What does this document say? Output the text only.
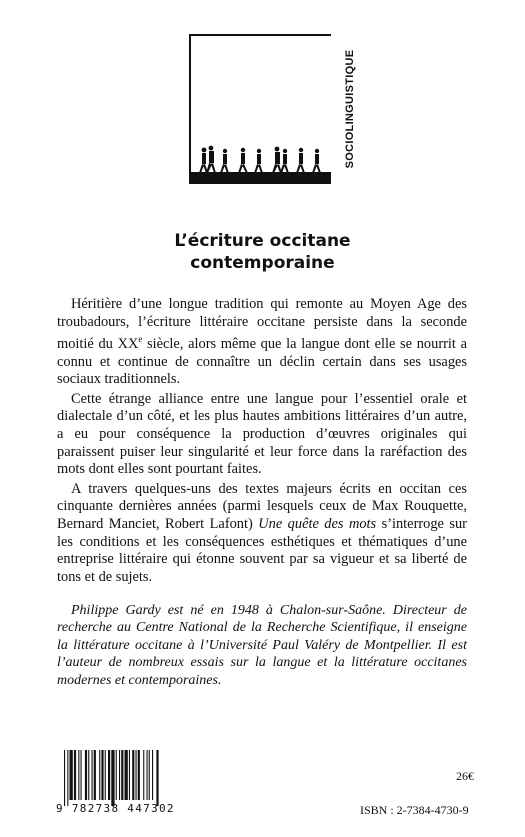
SOCIOLINGUISTIQUE
L’écriture occitane
contemporaine

Héritière d’une longue tradition qui remonte au Moyen Age des troubadours, l’écriture littéraire occitane persiste dans la seconde moitié du XXe siècle, alors même que la langue dont elle se nourrit a connu et continue de connaître un déclin certain dans ses usages sociaux traditionnels.

Cette étrange alliance entre une langue pour l’essentiel orale et dialectale d’un côté, et les plus hautes ambitions littéraires d’un autre, a eu pour conséquence la production d’œuvres originales qui paraissent puiser leur singularité et leur force dans la raréfaction des mots dont elles sont pourtant faites.

A travers quelques-uns des textes majeurs écrits en occitan ces cinquante dernières années (parmi lesquels ceux de Max Rouquette, Bernard Manciet, Robert Lafont) Une quête des mots s’interroge sur les conditions et les conséquences esthétiques et thématiques d’une entreprise littéraire qui étonne souvent par sa vigueur et sa liberté de tons et de sujets.

Philippe Gardy est né en 1948 à Chalon-sur-Saône. Directeur de recherche au Centre National de la Recherche Scientifique, il enseigne la littérature occitane à l’Université Paul Valéry de Montpellier. Il est l’auteur de nombreux essais sur la langue et la littérature occitanes modernes et contemporaines.

9 782738 447302
26€
ISBN : 2-7384-4730-9
